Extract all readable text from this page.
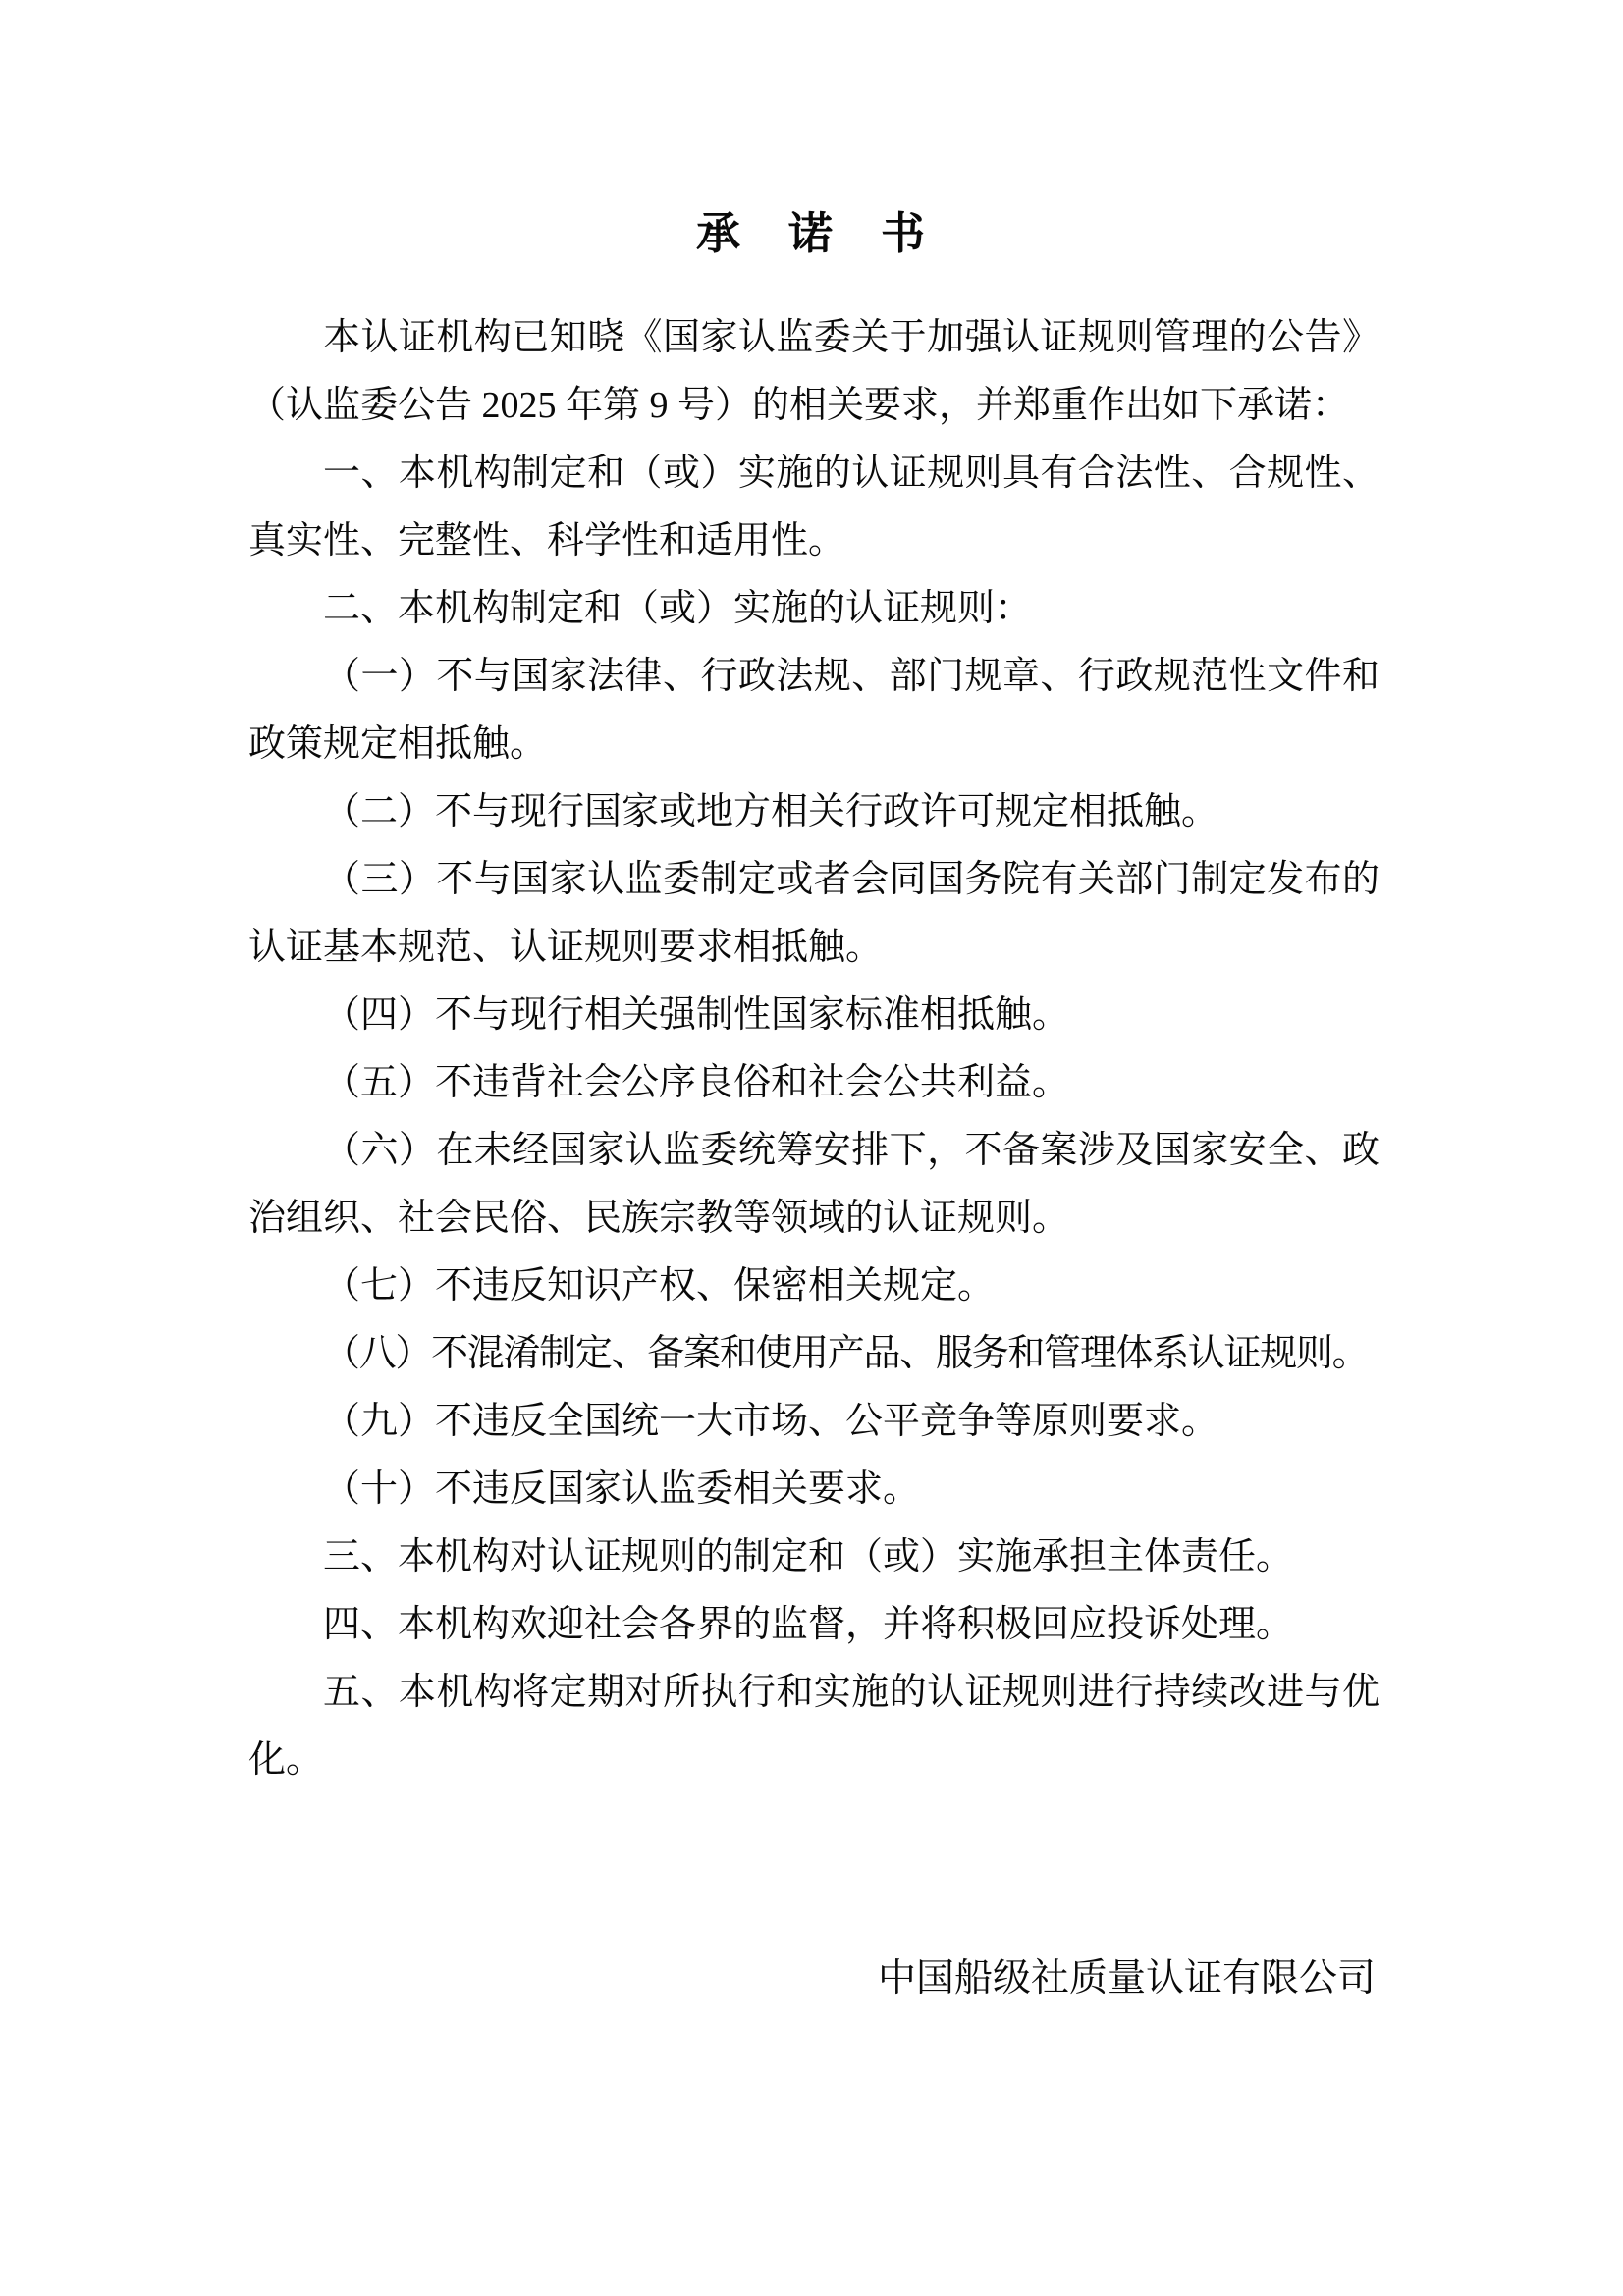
承　诺　书

本认证机构已知晓《国家认监委关于加强认证规则管理的公告》（认监委公告 2025 年第 9 号）的相关要求，并郑重作出如下承诺：

一、本机构制定和（或）实施的认证规则具有合法性、合规性、真实性、完整性、科学性和适用性。

二、本机构制定和（或）实施的认证规则：

（一）不与国家法律、行政法规、部门规章、行政规范性文件和政策规定相抵触。

（二）不与现行国家或地方相关行政许可规定相抵触。

（三）不与国家认监委制定或者会同国务院有关部门制定发布的认证基本规范、认证规则要求相抵触。

（四）不与现行相关强制性国家标准相抵触。

（五）不违背社会公序良俗和社会公共利益。

（六）在未经国家认监委统筹安排下，不备案涉及国家安全、政治组织、社会民俗、民族宗教等领域的认证规则。

（七）不违反知识产权、保密相关规定。

（八）不混淆制定、备案和使用产品、服务和管理体系认证规则。

（九）不违反全国统一大市场、公平竞争等原则要求。

（十）不违反国家认监委相关要求。

三、本机构对认证规则的制定和（或）实施承担主体责任。

四、本机构欢迎社会各界的监督，并将积极回应投诉处理。

五、本机构将定期对所执行和实施的认证规则进行持续改进与优化。

中国船级社质量认证有限公司
